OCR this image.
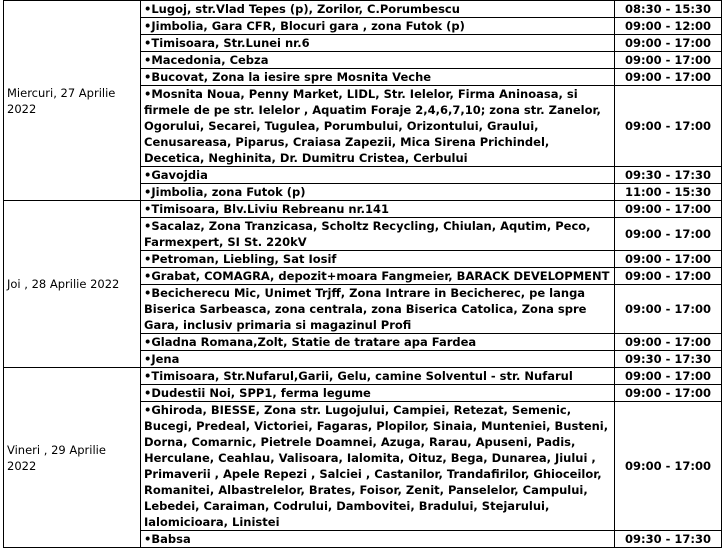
Miercuri, 27 Aprilie 2022	•Lugoj, str.Vlad Tepes (p), Zorilor, C.Porumbescu	08:30 - 15:30
	•Jimbolia, Gara CFR, Blocuri gara , zona Futok (p)	09:00 - 12:00
	•Timisoara, Str.Lunei nr.6	09:00 - 17:00
	•Macedonia, Cebza	09:00 - 17:00
	•Bucovat, Zona la iesire spre Mosnita Veche	09:00 - 17:00
	•Mosnita Noua, Penny Market, LIDL, Str. Ielelor, Firma Aninoasa, si firmele de pe str. Ielelor , Aquatim Foraje 2,4,6,7,10; zona str. Zanelor, Ogorului, Secarei, Tugulea, Porumbului, Orizontului, Graului, Cenusareasa, Piparus, Craiasa Zapezii, Mica Sirena Prichindel, Decetica, Neghinita, Dr. Dumitru Cristea, Cerbului	09:00 - 17:00
	•Gavojdia	09:30 - 17:30
	•Jimbolia, zona Futok (p)	11:00 - 15:30

Joi , 28 Aprilie 2022	•Timisoara, Blv.Liviu Rebreanu nr.141	09:00 - 17:00
	•Sacalaz, Zona Tranzicasa, Scholtz Recycling, Chiulan, Aqutim, Peco, Farmexpert, SI St. 220kV	09:00 - 17:00
	•Petroman, Liebling, Sat Iosif	09:00 - 17:00
	•Grabat, COMAGRA, depozit+moara Fangmeier, BARACK DEVELOPMENT	09:00 - 17:00
	•Becicherecu Mic, Unimet Trjff, Zona Intrare in Becicherec, pe langa Biserica Sarbeasca, zona centrala, zona Biserica Catolica, Zona spre Gara, inclusiv primaria si magazinul Profi	09:00 - 17:00
	•Gladna Romana,Zolt, Statie de tratare apa Fardea	09:00 - 17:00
	•Jena	09:30 - 17:30

Vineri , 29 Aprilie 2022	•Timisoara, Str.Nufarul,Garii, Gelu, camine Solventul - str. Nufarul	09:00 - 17:00
	•Dudestii Noi, SPP1, ferma legume	09:00 - 17:00
	•Ghiroda, BIESSE, Zona str. Lugojului, Campiei, Retezat, Semenic, Bucegi, Predeal, Victoriei, Fagaras, Plopilor, Sinaia, Munteniei, Busteni, Dorna, Comarnic, Pietrele Doamnei, Azuga, Rarau, Apuseni, Padis, Herculane, Ceahlau, Valisoara, Ialomita, Oituz, Bega, Dunarea, Jiului , Primaverii , Apele Repezi , Salciei , Castanilor, Trandafirilor, Ghioceilor, Romanitei, Albastrelelor, Brates, Foisor, Zenit, Panselelor, Campului, Lebedei, Caraiman, Codrului, Dambovitei, Bradului, Stejarului, Ialomicioara, Linistei	09:00 - 17:00
	•Babsa	09:30 - 17:30
